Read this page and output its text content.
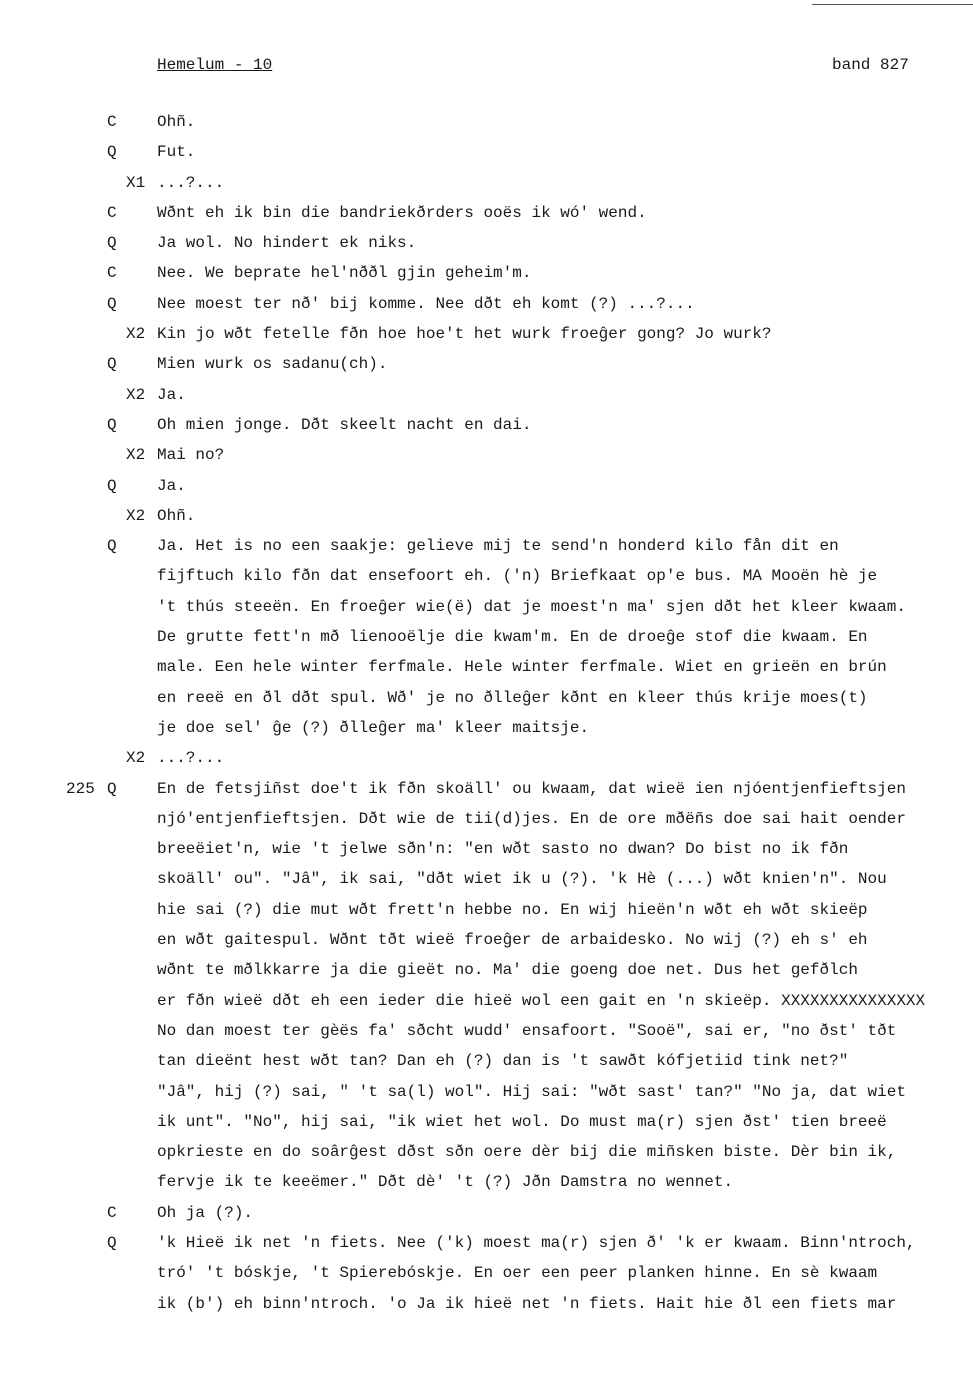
Hemelum - 10	band 827
C	Ohñ.
Q	Fut.
X1 ...?...
C	Wðnt eh ik bin die bandriekðrders ooës ik wó' wend.
Q	Ja wol. No hindert ek niks.
C	Nee. We beprate hel'nððl gjin geheim'm.
Q	Nee moest ter nð' bij komme. Nee dðt eh komt (?) ...?...
X2 Kin jo wðt fetelle fðn hoe hoe't het wurk froeĝer gong? Jo wurk?
Q	Mien wurk os sadanu(ch).
X2 Ja.
Q	Oh mien jonge. Dðt skeelt nacht en dai.
X2 Mai no?
Q	Ja.
X2 Ohñ.
Q	Ja. Het is no een saakje: gelieve mij te send'n honderd kilo fån dit en
fijftuch kilo fðn dat ensefoort eh. ('n) Briefkaat op'e bus. MA Mooën hè je
't thús steeën. En froeĝer wie(ë) dat je moest'n ma' sjen dðt het kleer kwaam.
De grutte fett'n mð lienooëlje die kwam'm. En de droeĝe stof die kwaam. En
male. Een hele winter ferfmale. Hele winter ferfmale. Wiet en grieën en brún
en reeë en ðl dðt spul. Wð' je no ðlleĝer kðnt en kleer thús krije moes(t)
je doe sel' ĝe (?) ðlleĝer ma' kleer maitsje.
X2 ...?...
225 Q	En de fetsjiñst doe't ik fðn skoäll' ou kwaam, dat wieë ien njóentjenfieftsjen
njó'entjenfieftsjen. Dðt wie de tii(d)jes. En de ore mðëñs doe sai hait oender
breeëiet'n, wie 't jelwe sðn'n: "en wðt sasto no dwan? Do bist no ik fðn
skoäll' ou". "Jâ", ik sai, "dðt wiet ik u (?). 'k Hè (...) wðt knien'n". Nou
hie sai (?) die mut wðt frett'n hebbe no. En wij hieën'n wðt eh wðt skieëp
en wðt gaitespul. Wðnt tðt wieë froeĝer de arbaidesko. No wij (?) eh s' eh
wðnt te mðlkkarre ja die gieët no. Ma' die goeng doe net. Dus het gefðlch
er fðn wieë dðt eh een ieder die hieë wol een gait en 'n skieëp. XXXXXXXXXXXXXXX
No dan moest ter gèës fa' sðcht wudd' ensafoort. "Sooë", sai er, "no ðst' tðt
tan dieënt hest wðt tan? Dan eh (?) dan is 't sawðt kófjetiid tink net?"
"Jâ", hij (?) sai, " 't sa(l) wol". Hij sai: "wðt sast' tan?" "No ja, dat wiet
ik unt". "No", hij sai, "ik wiet het wol. Do must ma(r) sjen ðst' tien breeë
opkrieste en do soârĝest dðst sðn oere dèr bij die miñsken biste. Dèr bin ik,
fervje ik te keeëmer." Dðt dè' 't (?) Jðn Damstra no wennet.
C	Oh ja (?).
Q	'k Hieë ik net 'n fiets. Nee ('k) moest ma(r) sjen ð' 'k er kwaam. Binn'ntroch,
tró' 't bóskje, 't Spierebóskje. En oer een peer planken hinne. En sè kwaam
ik (b') eh binn'ntroch. 'o Ja ik hieë net 'n fiets. Hait hie ðl een fiets mar
